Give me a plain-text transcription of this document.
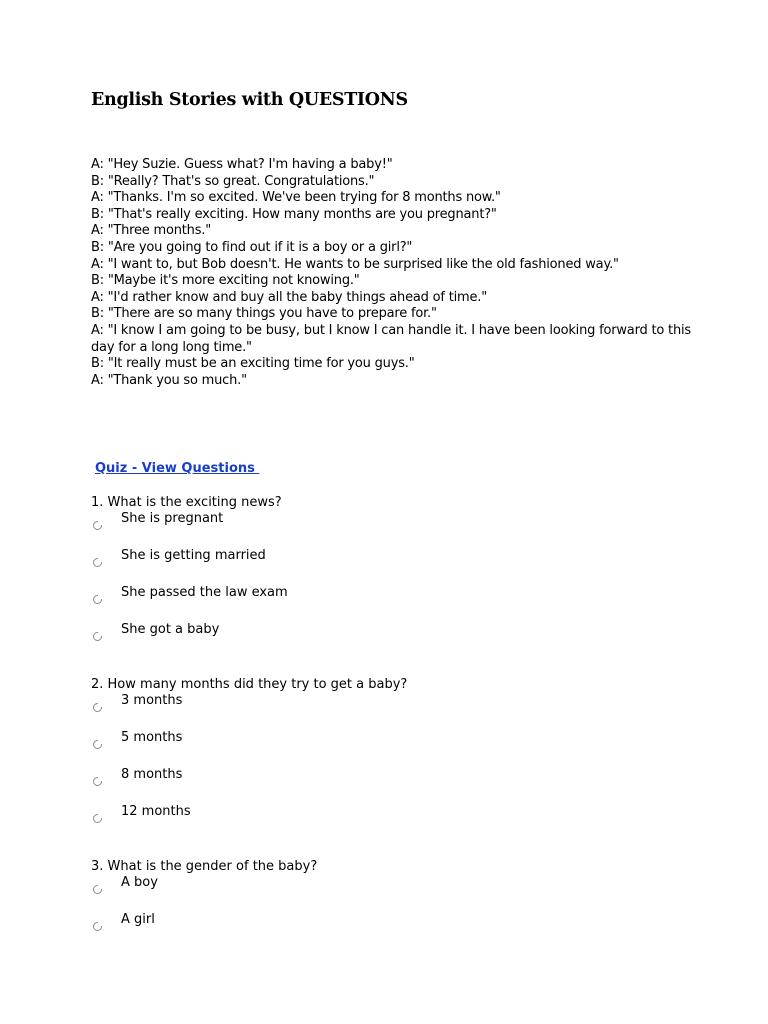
English Stories with QUESTIONS
A: "Hey Suzie. Guess what? I'm having a baby!"
B: "Really? That's so great. Congratulations."
A: "Thanks. I'm so excited. We've been trying for 8 months now."
B: "That's really exciting. How many months are you pregnant?"
A: "Three months."
B: "Are you going to find out if it is a boy or a girl?"
A: "I want to, but Bob doesn't. He wants to be surprised like the old fashioned way."
B: "Maybe it's more exciting not knowing."
A: "I'd rather know and buy all the baby things ahead of time."
B: "There are so many things you have to prepare for."
A: "I know I am going to be busy, but I know I can handle it. I have been looking forward to this day for a long long time."
B: "It really must be an exciting time for you guys."
A: "Thank you so much."
Quiz - View Questions
1. What is the exciting news?
She is pregnant
She is getting married
She passed the law exam
She got a baby
2. How many months did they try to get a baby?
3 months
5 months
8 months
12 months
3. What is the gender of the baby?
A boy
A girl
